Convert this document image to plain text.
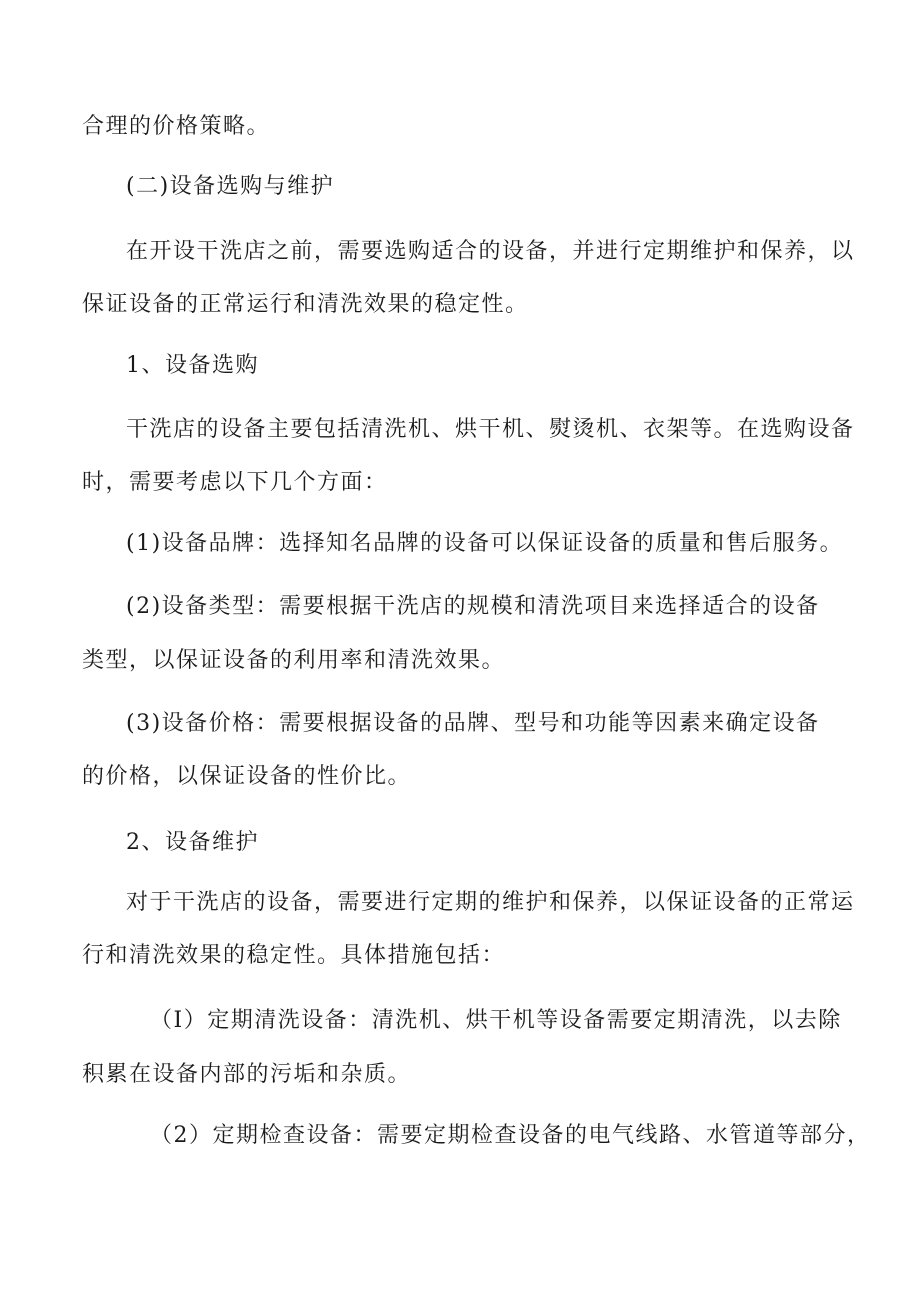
合理的价格策略。
(二)设备选购与维护
在开设干洗店之前，需要选购适合的设备，并进行定期维护和保养，以
保证设备的正常运行和清洗效果的稳定性。
1、设备选购
干洗店的设备主要包括清洗机、烘干机、熨烫机、衣架等。在选购设备
时，需要考虑以下几个方面：
(1)设备品牌：选择知名品牌的设备可以保证设备的质量和售后服务。
(2)设备类型：需要根据干洗店的规模和清洗项目来选择适合的设备
类型，以保证设备的利用率和清洗效果。
(3)设备价格：需要根据设备的品牌、型号和功能等因素来确定设备
的价格，以保证设备的性价比。
2、设备维护
对于干洗店的设备，需要进行定期的维护和保养，以保证设备的正常运
行和清洗效果的稳定性。具体措施包括：
（I）定期清洗设备：清洗机、烘干机等设备需要定期清洗，以去除
积累在设备内部的污垢和杂质。
（2）定期检查设备：需要定期检查设备的电气线路、水管道等部分，
